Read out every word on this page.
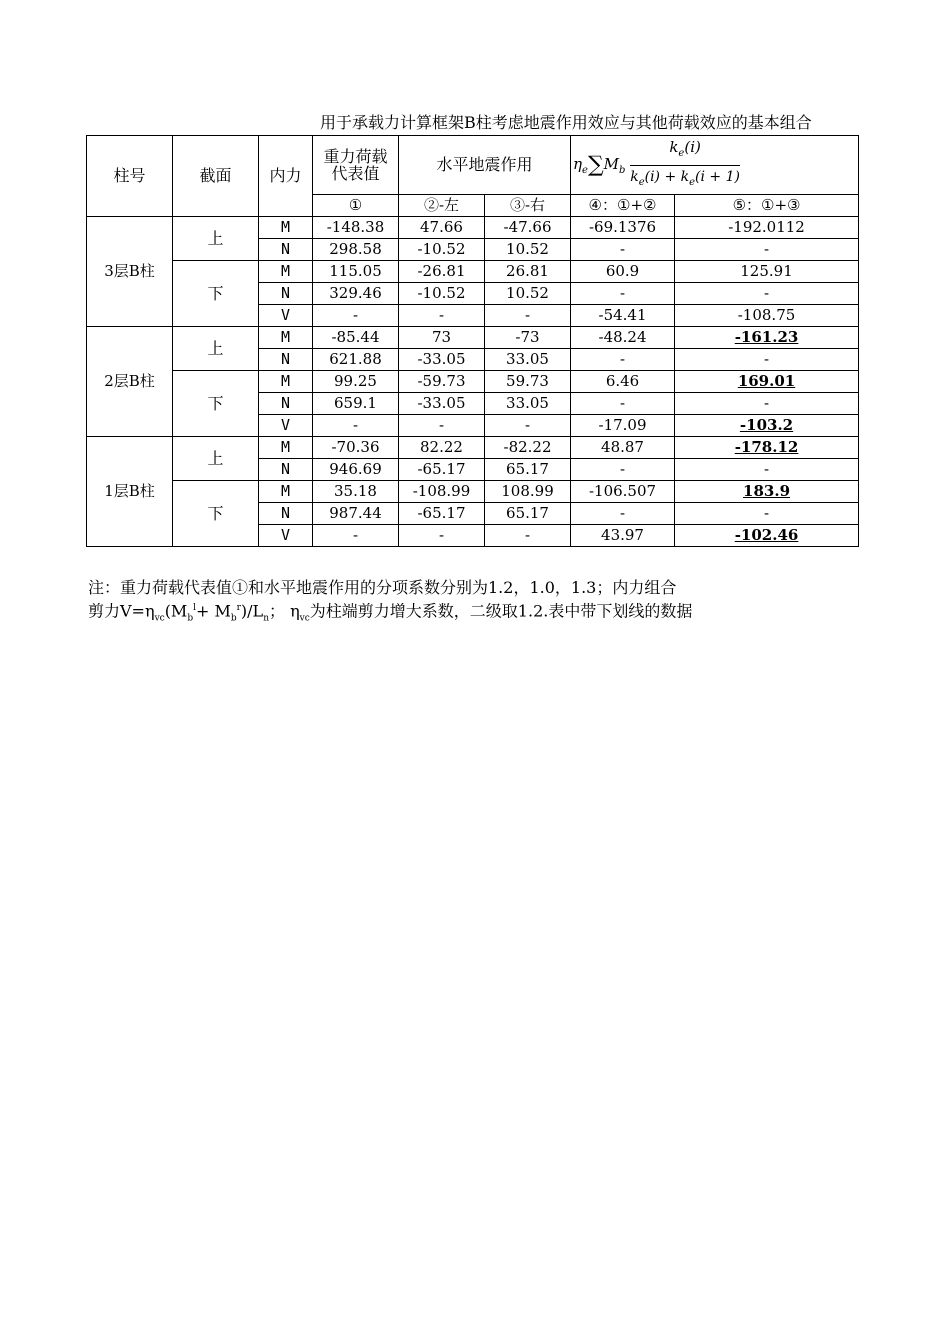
用于承载力计算框架B柱考虑地震作用效应与其他荷载效应的基本组合
柱号	截面	内力	重力荷载代表值	水平地震作用		$\eta_e\sum M_b \frac{k_e(i)}{k_e(i) + k_e(i + 1)}$

			①	②-左	③-右	④：①+②	⑤：①+③
3层B柱	上	M	-148.38	47.66	-47.66	-69.1376	-192.0112
		N	298.58	-10.52	10.52	-	-
	下	M	115.05	-26.81	26.81	60.9	125.91
		N	329.46	-10.52	10.52	-	-
		V	-	-	-	-54.41	-108.75
2层B柱	上	M	-85.44	73	-73	-48.24	-161.23
		N	621.88	-33.05	33.05	-	-
	下	M	99.25	-59.73	59.73	6.46	169.01
		N	659.1	-33.05	33.05	-	-
		V	-	-	-	-17.09	-103.2
1层B柱	上	M	-70.36	82.22	-82.22	48.87	-178.12
		N	946.69	-65.17	65.17	-	-
	下	M	35.18	-108.99	108.99	-106.507	183.9
		N	987.44	-65.17	65.17	-	-
		V	-	-	-	43.97	-102.46
注：重力荷载代表值①和水平地震作用的分项系数分别为1.2，1.0，1.3；内力组合
剪力$V=\eta_{vc}(M_b^l+ M_b^r)/L_n$； $\eta_{vc}$为柱端剪力增大系数，二级取1.2.表中带下划线的数据
